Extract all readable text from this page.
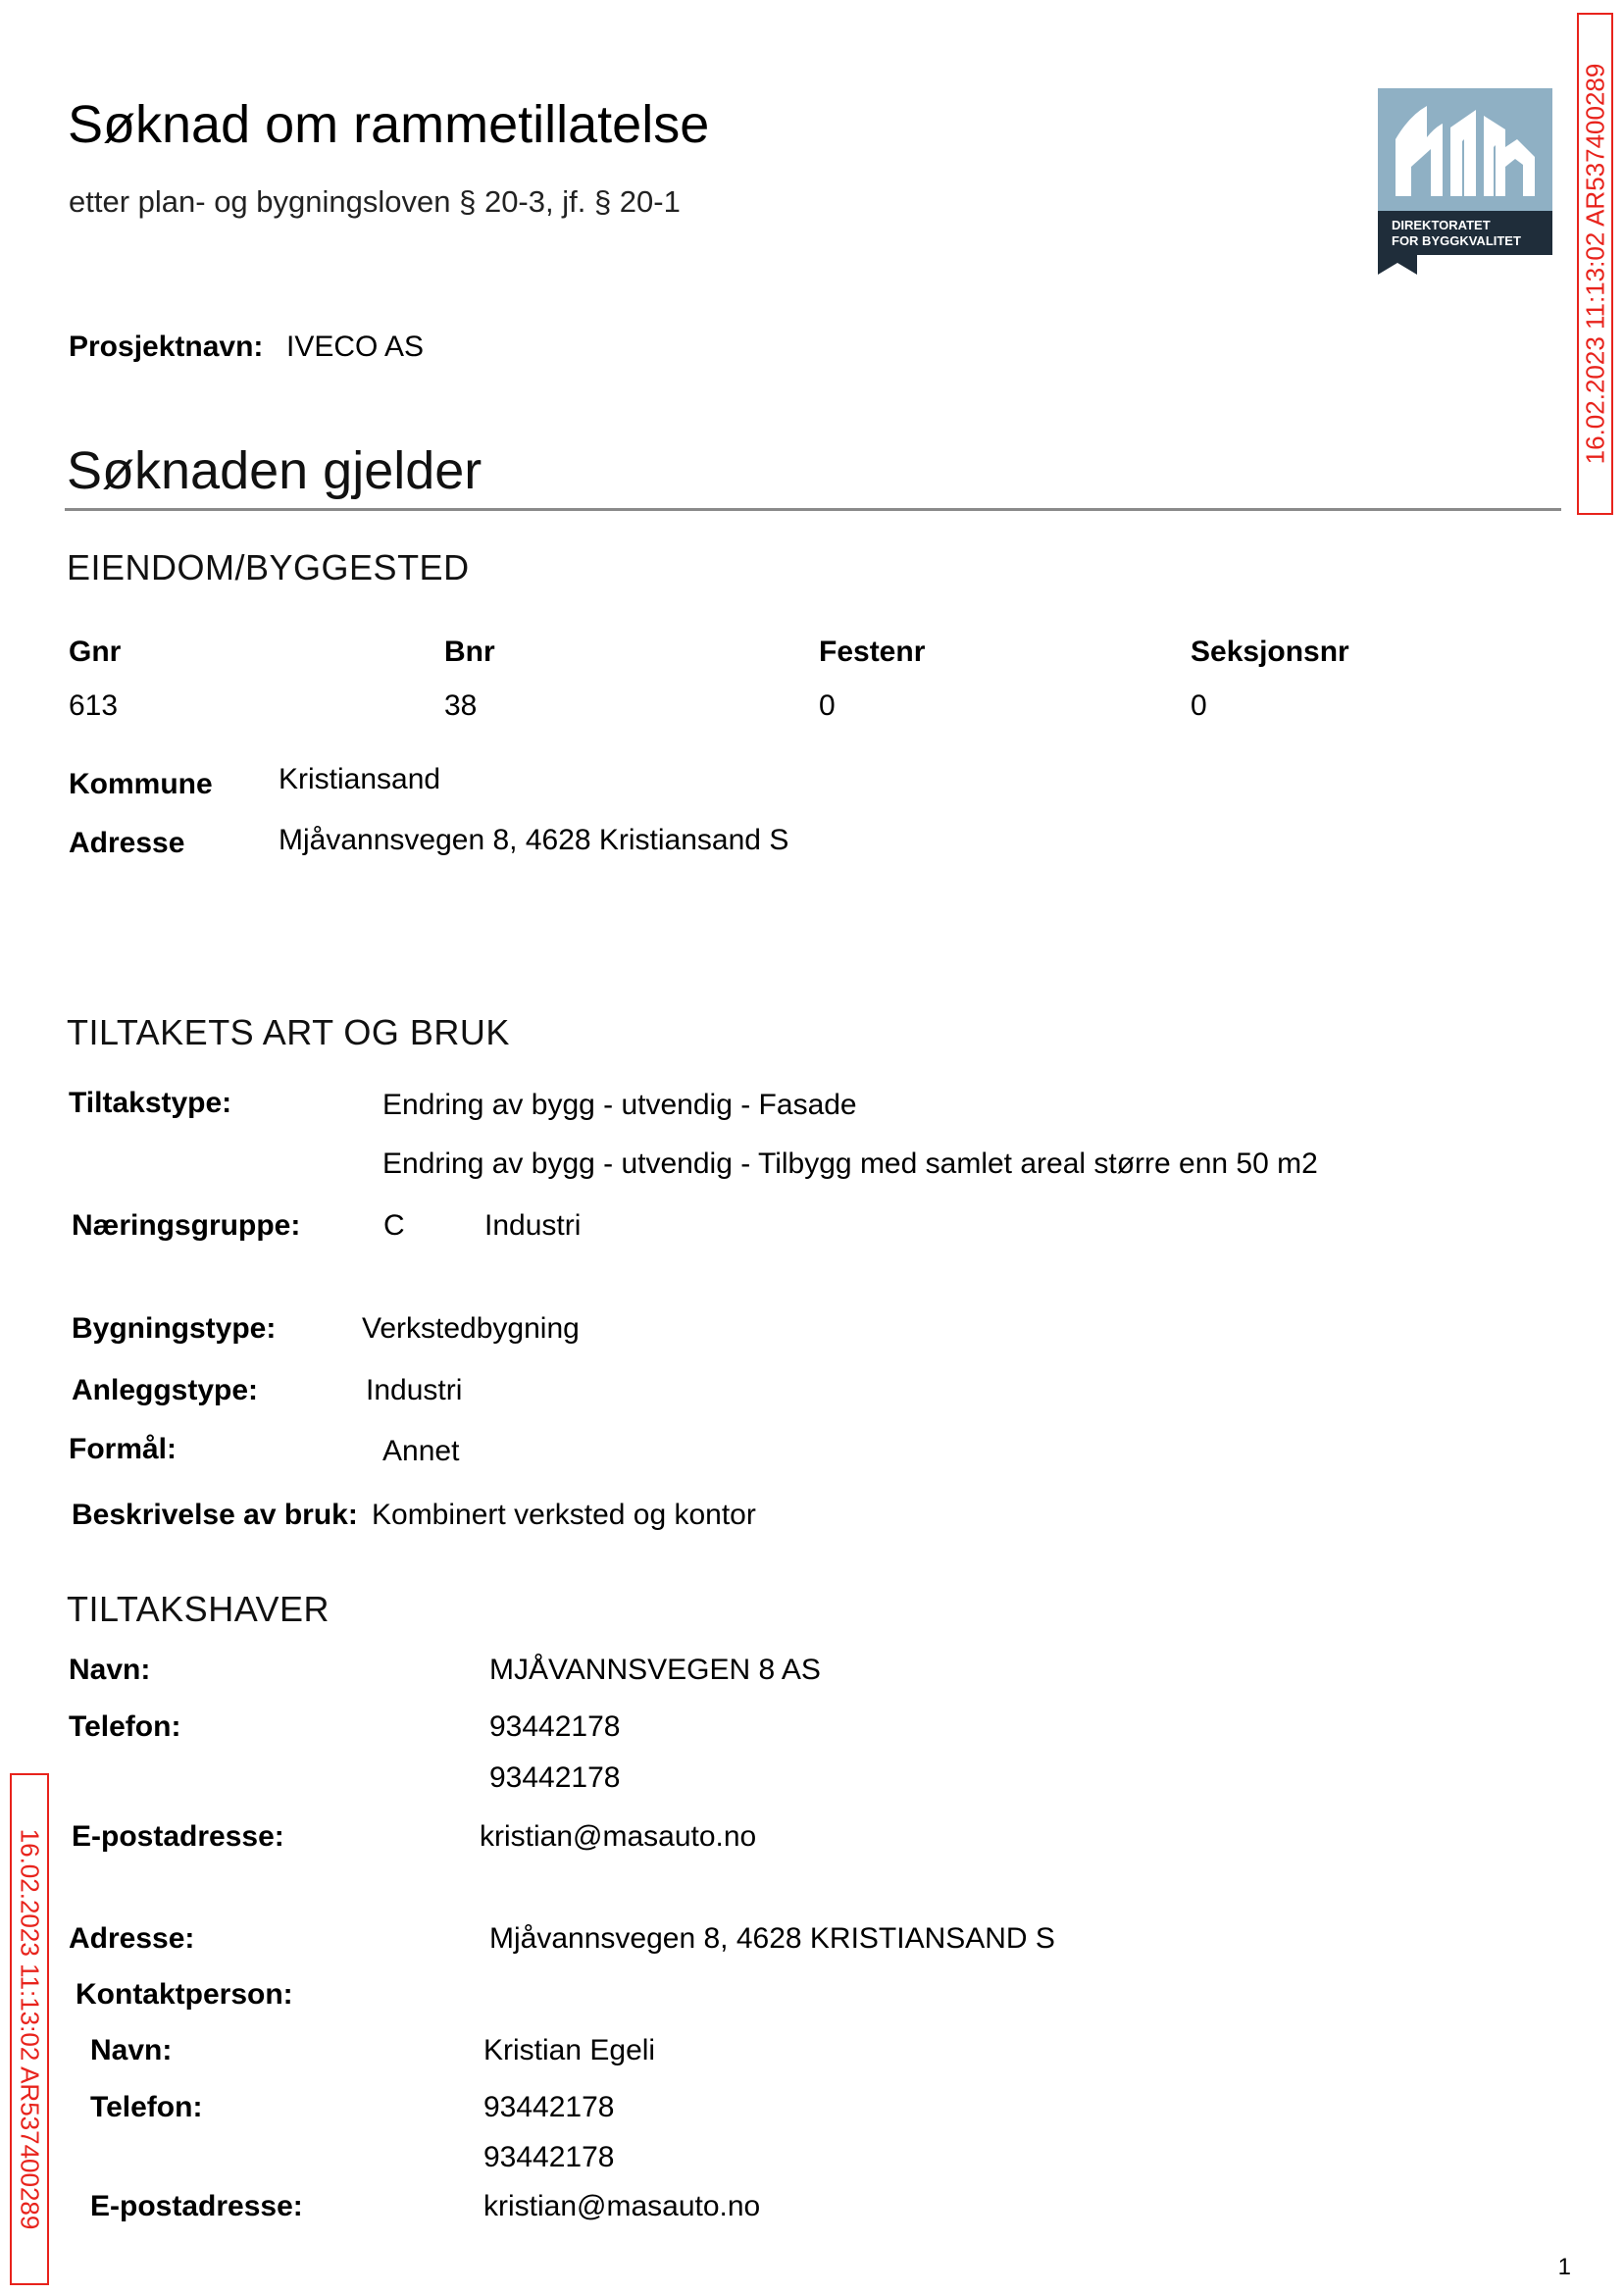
Søknad om rammetillatelse
etter plan- og bygningsloven § 20-3, jf. § 20-1
DIREKTORATET
FOR BYGGKVALITET 16.02.2023 11:13:02 AR537400289
Prosjektnavn: IVECO AS
Søknaden gjelder
EIENDOM/BYGGESTED
Gnr	Bnr	Festenr	Seksjonsnr
613	38	0	0
Kommune Kristiansand
Adresse	Mjåvannsvegen 8, 4628 Kristiansand S
TILTAKETS ART OG BRUK
Tiltakstype:	Endring av bygg - utvendig - Fasade
Endring av bygg - utvendig - Tilbygg med samlet areal større enn 50 m2
Næringsgruppe:	C	Industri
Bygningstype:	Verkstedbygning
Anleggstype:	Industri
Formål:	Annet
Beskrivelse av bruk: Kombinert verksted og kontor
TILTAKSHAVER
Navn:	MJÅVANNSVEGEN 8 AS
Telefon:	93442178
93442178
E-postadresse:	kristian@masauto.no
Adresse:	Mjåvannsvegen 8, 4628 KRISTIANSAND S
Kontaktperson:
Navn:	Kristian Egeli
Telefon:	93442178
93442178
E-postadresse:	kristian@masauto.no
16.02.2023 11:13:02 AR537400289
1
